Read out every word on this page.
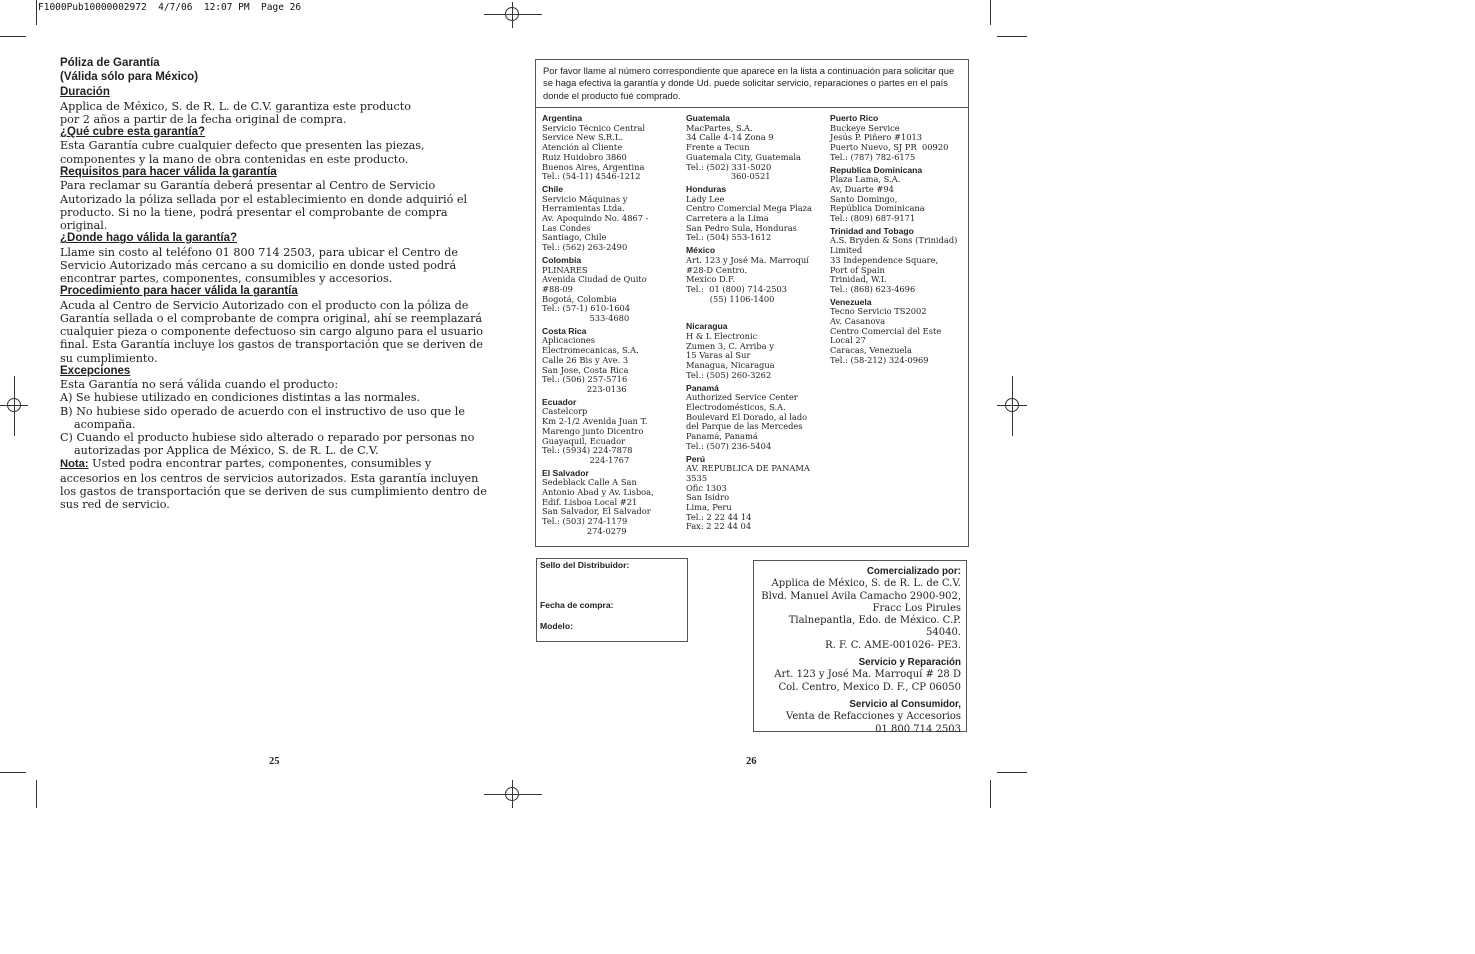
F1000Pub10000002972  4/7/06  12:07 PM  Page 26
Póliza de Garantía
(Válida sólo para México)
Duración

Applica de México, S. de R. L. de C.V. garantiza este producto

por 2 años a partir de la fecha original de compra.

¿Qué cubre esta garantía?

Esta Garantía cubre cualquier defecto que presenten las piezas, componentes y la mano de obra contenidas en este producto.

Requisitos para hacer válida la garantía

Para reclamar su Garantía deberá presentar al Centro de Servicio Autorizado la póliza sellada por el establecimiento en donde adquirió el producto. Si no la tiene, podrá presentar el comprobante de compra original.

¿Donde hago válida la garantía?

Llame sin costo al teléfono 01 800 714 2503, para ubicar el Centro de Servicio Autorizado más cercano a su domicilio en donde usted podrá encontrar partes, componentes, consumibles y accesorios.

Procedimiento para hacer válida la garantía

Acuda al Centro de Servicio Autorizado con el producto con la póliza de Garantía sellada o el comprobante de compra original, ahí se reemplazará cualquier pieza o componente defectuoso sin cargo alguno para el usuario final. Esta Garantía incluye los gastos de transportación que se deriven de su cumplimiento.

Excepciones

Esta Garantía no será válida cuando el producto:

A) Se hubiese utilizado en condiciones distintas a las normales.

B) No hubiese sido operado de acuerdo con el instructivo de uso que le acompaña.

C) Cuando el producto hubiese sido alterado o reparado por personas no autorizadas por Applica de México, S. de R. L. de C.V.

Nota: Usted podra encontrar partes, componentes, consumibles y accesorios en los centros de servicios autorizados. Esta garantía incluyen los gastos de transportación que se deriven de sus cumplimiento dentro de sus red de servicio.

Por favor llame al número correspondiente que aparece en la lista a continuación para solicitar que se haga efectiva la garantía y donde Ud. puede solicitar servicio, reparaciones o partes en el país donde el producto fué comprado.
Argentina
Servicio Técnico Central
Service New S.R.L.
Atención al Cliente
Ruiz Huidobro 3860
Buenos Aires, Argentina
Tel.: (54-11) 4546-1212
Chile
Servicio Máquinas y
Herramientas Ltda.
Av. Apoquindo No. 4867 -
Las Condes
Santiago, Chile
Tel.: (562) 263-2490
Colombia
PLINARES
Avenida Ciudad de Quito
#88-09
Bogotá, Colombia
Tel.: (57-1) 610-1604
533-4680
Costa Rica
Aplicaciones
Electromecanicas, S.A.
Calle 26 Bis y Ave. 3
San Jose, Costa Rica
Tel.: (506) 257-5716
223-0136
Ecuador
Castelcorp
Km 2-1/2 Avenida Juan T.
Marengo junto Dicentro
Guayaquil, Ecuador
Tel.: (5934) 224-7878
224-1767
El Salvador
Sedeblack Calle A San
Antonio Abad y Av. Lisboa,
Edif. Lisboa Local #21
San Salvador, El Salvador
Tel.: (503) 274-1179
274-0279
Guatemala
MacPartes, S.A.
34 Calle 4-14 Zona 9
Frente a Tecun
Guatemala City, Guatemala
Tel.: (502) 331-5020
360-0521
Honduras
Lady Lee
Centro Comercial Mega Plaza
Carretera a la Lima
San Pedro Sula, Honduras
Tel.: (504) 553-1612
México
Art. 123 y José Ma. Marroquí
#28-D Centro.
Mexico D.F.
Tel.:  01 (800) 714-2503
(55) 1106-1400
Nicaragua
H & L Electronic
Zumen 3, C. Arriba y
15 Varas al Sur
Managua, Nicaragua
Tel.: (505) 260-3262
Panamá
Authorized Service Center
Electrodomésticos, S.A.
Boulevard El Dorado, al lado
del Parque de las Mercedes
Panamá, Panamá
Tel.: (507) 236-5404
Perú
AV. REPUBLICA DE PANAMA
3535
Ofic 1303
San Isidro
Lima, Peru
Tel.: 2 22 44 14
Fax: 2 22 44 04
Puerto Rico
Buckeye Service
Jesús P. Piñero #1013
Puerto Nuevo, SJ PR  00920
Tel.: (787) 782-6175
Republica Dominicana
Plaza Lama, S.A.
Av, Duarte #94
Santo Domingo,
República Dominicana
Tel.: (809) 687-9171
Trinidad and Tobago
A.S. Bryden & Sons (Trinidad)
Limited
33 Independence Square,
Port of Spain
Trinidad, W.I.
Tel.: (868) 623-4696
Venezuela
Tecno Servicio TS2002
Av. Casanova
Centro Comercial del Este
Local 27
Caracas, Venezuela
Tel.: (58-212) 324-0969
Sello del Distribuidor:
Fecha de compra:
Modelo:
Comercializado por:
Applica de México, S. de R. L. de C.V.
Blvd. Manuel Avila Camacho 2900-902,
Fracc Los Pirules
Tlalnepantla, Edo. de México. C.P. 54040.
R. F. C. AME-001026- PE3.
Servicio y Reparación
Art. 123 y José Ma. Marroquí # 28 D
Col. Centro, Mexico D. F., CP 06050
Servicio al Consumidor,
Venta de Refacciones y Accesorios
01 800 714 2503
25	26
